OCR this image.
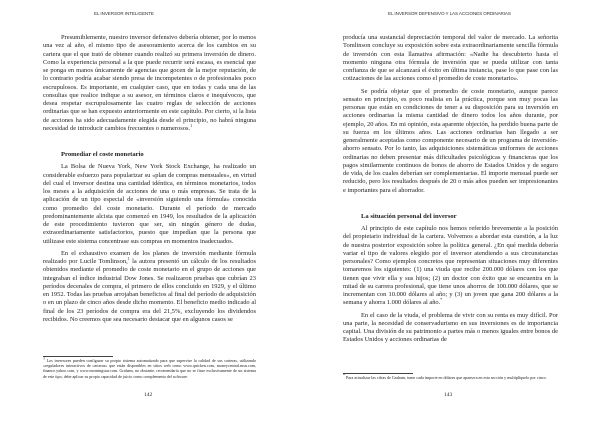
EL INVERSOR INTELIGENTE

Presumiblemente, nuestro inversor defensivo debería obtener, por lo menos una vez al año, el mismo tipo de asesoramiento acerca de los cambios en su cartera que el que trató de obtener cuando realizó su primera inversión de dinero. Como la experiencia personal a la que puede recurrir será escasa, es esencial que se ponga en manos únicamente de agencias que gocen de la mejor reputación, de lo contrario podría acabar siendo presa de incompetentes o de profesionales poco escrupulosos. Es importante, en cualquier caso, que en todas y cada una de las consultas que realice indique a su asesor, en términos claros e inequívocos, que desea respetar escrupulosamente las cuatro reglas de selección de acciones ordinarias que se han expuesto anteriormente en este capítulo. Por cierto, si la lista de acciones ha sido adecuadamente elegida desde el principio, no habrá ninguna necesidad de introducir cambios frecuentes o numerosos.$^1$

Promediar el coste monetario

La Bolsa de Nueva York, New York Stock Exchange, ha realizado un considerable esfuerzo para popularizar su «plan de compras mensuales», en virtud del cual el inversor destina una cantidad idéntica, en términos monetarios, todos los meses a la adquisición de acciones de una o más empresas. Se trata de la aplicación de un tipo especial de «inversión siguiendo una fórmula» conocida como promedio del coste monetario. Durante el período de mercado predominantemente alcista que comenzó en 1949, los resultados de la aplicación de este procedimiento tuvieron que ser, sin ningún género de dudas, extraordinariamente satisfactorios, puesto que impedían que la persona que utilizase este sistema concentrase sus compras en momentos inadecuados.

En el exhaustivo examen de los planes de inversión mediante fórmula realizado por Lucile Tomlinson,$^1$ la autora presentó un cálculo de los resultados obtenidos mediante el promedio de coste monetario en el grupo de acciones que integraban el índice industrial Dow Jones. Se realizaron pruebas que cubrían 23 períodos decenales de compra, el primero de ellos concluido en 1929, y el último en 1952. Todas las pruebas arrojaban beneficios al final del período de adquisición o en un plazo de cinco años desde dicho momento. El beneficio medio indicado al final de los 23 períodos de compra era del 21,5%, excluyendo los dividendos recibidos. No creemos que sea necesario destacar que en algunos casos se

$^1$ Los inversores pueden configurar su propio sistema automatizado para que supervise la calidad de sus carteras, utilizando «reguladores interactivos de carteras» que están disponibles en sitios web como www.quicken.com, moneycentral.msn.com, finance.yahoo.com, y www.morningstar.com. Graham, no obstante, recomendaría que no se fiase exclusivamente de un sistema de este tipo, debe aplicar su propia capacidad de juicio como complemento del software.
142
EL INVERSOR DEFENSIVO Y LAS ACCIONES ORDINARIAS

producía una sustancial depreciación temporal del valor de mercado. La señorita Tomlinson concluye su exposición sobre esta extraordinariamente sencilla fórmula de inversión con esta llamativa afirmación: «Nadie ha descubierto hasta el momento ninguna otra fórmula de inversión que se pueda utilizar con tanta confianza de que se alcanzará el éxito en última instancia, pase lo que pase con las cotizaciones de las acciones como el promedio de coste monetario».

Se podría objetar que el promedio de coste monetario, aunque parece sensato en principio, es poco realista en la práctica, porque son muy pocas las personas que están en condiciones de tener a su disposición para su inversión en acciones ordinarias la misma cantidad de dinero todos los años durante, por ejemplo, 20 años. En mi opinión, esta aparente objeción, ha perdido buena parte de su fuerza en los últimos años. Las acciones ordinarias han llegado a ser generalmente aceptadas como componente necesario de un programa de inversión-ahorro sensato. Por lo tanto, las adquisiciones sistemáticas uniformes de acciones ordinarias no deben presentar más dificultades psicológicas y financieras que los pagos similarmente continuos de bonos de ahorro de Estados Unidos y de seguro de vida, de los cuales deberían ser complementarias. El importe mensual puede ser reducido, pero los resultados después de 20 o más años pueden ser impresionantes e importantes para el ahorrador.

La situación personal del inversor

Al principio de este capítulo nos hemos referido brevemente a la posición del propietario individual de la cartera. Volvemos a abordar esta cuestión, a la luz de nuestra posterior exposición sobre la política general. ¿En qué medida debería variar el tipo de valores elegido por el inversor atendiendo a sus circunstancias personales? Como ejemplos concretos que representan situaciones muy diferentes tomaremos los siguientes: (1) una viuda que recibe 200.000 dólares con los que tienen que vivir ella y sus hijos; (2) un doctor con éxito que se encuentra en la mitad de su carrera profesional, que tiene unos ahorros de 100.000 dólares, que se incrementan con 10.000 dólares al año; y (3) un joven que gana 200 dólares a la semana y ahorra 1.000 dólares al año.*

En el caso de la viuda, el problema de vivir con su renta es muy difícil. Por una parte, la necesidad de conservadurismo en sus inversiones es de importancia capital. Una división de su patrimonio a partes más o menos iguales entre bonos de Estados Unidos y acciones ordinarias de

* Para actualizar las cifras de Graham, tome cada importe en dólares que aparezca en esta sección y multiplíquelo por cinco.
143
